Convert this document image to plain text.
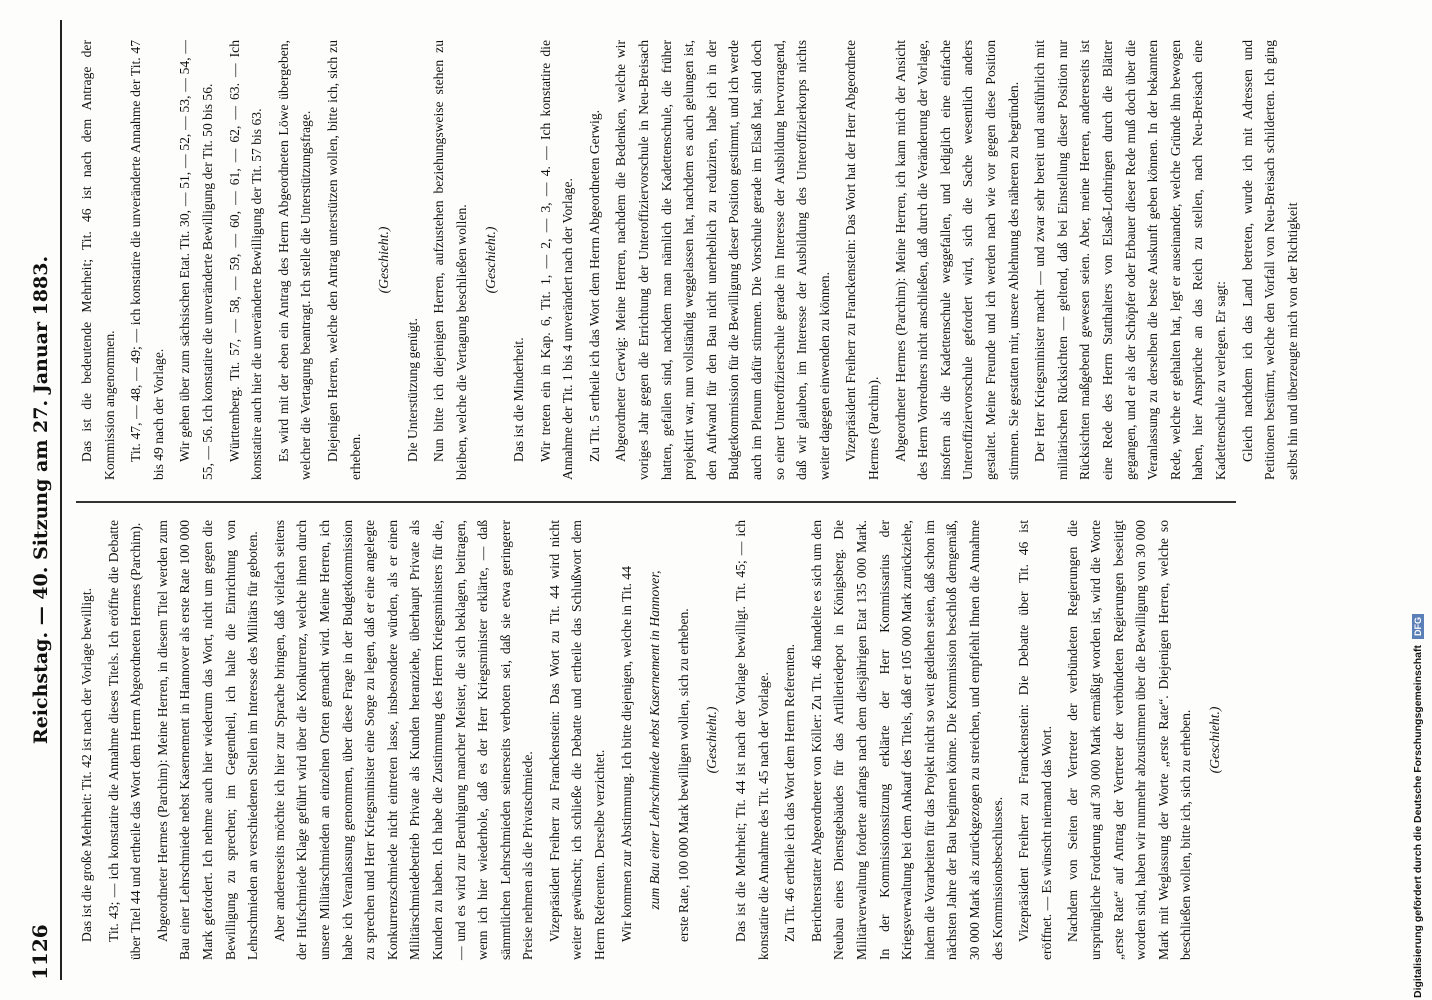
1126
Reichstag. — 40. Sitzung am 27. Januar 1883.

Das ist die große Mehrheit: Tit. 42 ist nach der Vorlage bewilligt. Tit. 43; — ich konstatire die Annahme dieses Titels. Ich eröffne die Debatte über Titel 44 und ertheile das Wort dem Herrn Abgeordneten Hermes (Parchim). Abgeordneter Hermes (Parchim): Meine Herren, in diesem Titel werden zum Bau einer Lehrschmiede nebst Kasernement in Hannover als erste Rate 100 000 Mark gefordert. Ich nehme auch hier wiederum das Wort, nicht um gegen die Bewilligung zu sprechen; im Gegentheil, ich halte die Einrichtung von Lehrschmieden an verschiedenen Stellen im Interesse des Militärs für geboten. Aber andererseits möchte ich hier zur Sprache bringen, daß vielfach seitens der Hufschmiede Klage geführt wird über die Konkurrenz, welche ihnen durch unsere Militärschmieden an einzelnen Orten gemacht wird. Meine Herren, ich habe ich Veranlassung genommen, über diese Frage in der Budgetkommission zu sprechen und Herr Kriegsminister eine Sorge zu legen, daß er eine angelegte Konkurrenzschmiede nicht eintreten lasse, insbesondere würden, als er einen Militärschmiedebetrieb Private als Kunden heranziehe, überhaupt Private als Kunden zu haben. Ich habe die Zustimmung des Herrn Kriegsministers für die, — und es wird zur Beruhigung mancher Meister, die sich beklagen, beitragen, wenn ich hier wiederhole, daß es der Herr Kriegsminister erklärte, — daß sämmtlichen Lehrschmieden seinerseits verboten sei, daß sie etwa geringerer Preise nehmen als die Privatschmiede. Vizepräsident Freiherr zu Franckenstein: Das Wort zu Tit. 44 wird nicht weiter gewünscht; ich schließe die Debatte und ertheile das Schlußwort dem Herrn Referenten. Derselbe verzichtet. Wir kommen zur Abstimmung. Ich bitte diejenigen, welche in Tit. 44 zum Bau einer Lehrschmiede nebst Kasernement in Hannover, erste Rate, 100 000 Mark bewilligen wollen, sich zu erheben. (Geschieht.) Das ist die Mehrheit; Tit. 44 ist nach der Vorlage bewilligt. Tit. 45; — ich konstatire die Annahme des Tit. 45 nach der Vorlage. Zu Tit. 46 ertheile ich das Wort dem Herrn Referenten. Berichterstatter Abgeordneter von Köller: Zu Tit. 46 handelte es sich um den Neubau eines Dienstgebäudes für das Artilleriedepot in Königsberg. Die Militärverwaltung forderte anfangs nach dem diesjährigen Etat 135 000 Mark. In der Kommissionssitzung erklärte der Herr Kommissarius der Kriegsverwaltung bei dem Ankauf des Titels, daß er 105 000 Mark zurückziehe, indem die Vorarbeiten für das Projekt nicht so weit gediehen seien, daß schon im nächsten Jahre der Bau beginnen könne. Die Kommission beschloß demgemäß, 30 000 Mark als zurückgezogen zu streichen, und empfiehlt Ihnen die Annahme des Kommissionsbeschlusses. Vizepräsident Freiherr zu Franckenstein: Die Debatte über Tit. 46 ist eröffnet. — Es wünscht niemand das Wort. Nachdem von Seiten der Vertreter der verbündeten Regierungen die ursprüngliche Forderung auf 30 000 Mark ermäßigt worden ist, wird die Worte „erste Rate“ auf Antrag der Vertreter der verbündeten Regierungen beseitigt worden sind, haben wir nunmehr abzustimmen über die Bewilligung von 30 000 Mark mit Weglassung der Worte „erste Rate“. Diejenigen Herren, welche so beschließen wollen, bitte ich, sich zu erheben. (Geschieht.)

Das ist die bedeutende Mehrheit; Tit. 46 ist nach dem Antrage der Kommission angenommen. Tit. 47, — 48, — 49; — ich konstatire die unveränderte Annahme der Tit. 47 bis 49 nach der Vorlage. Wir gehen über zum sächsischen Etat. Tit. 30, — 51, — 52, — 53, — 54, — 55, — 56. Ich konstatire die unveränderte Bewilligung der Tit. 50 bis 56. Württemberg. Tit. 57, — 58, — 59, — 60, — 61, — 62, — 63. — Ich konstatire auch hier die unveränderte Bewilligung der Tit. 57 bis 63. Es wird mit der eben ein Antrag des Herrn Abgeordneten Löwe übergeben, welcher die Vertagung beantragt. Ich stelle die Unterstützungsfrage. Diejenigen Herren, welche den Antrag unterstützen wollen, bitte ich, sich zu erheben.

(Geschieht.)

Die Unterstützung genügt. Nun bitte ich diejenigen Herren, aufzustehen beziehungsweise stehen zu bleiben, welche die Vertagung beschließen wollen. (Geschieht.)

Das ist die Minderheit. Wir treten ein in Kap. 6, Tit. 1, — 2, — 3, — 4. — Ich konstatire die Annahme der Tit. 1 bis 4 unverändert nach der Vorlage. Zu Tit. 5 ertheile ich das Wort dem Herrn Abgeordneten Gerwig. Abgeordneter Gerwig: Meine Herren, nachdem die Bedenken, welche wir voriges Jahr gegen die Errichtung der Unteroffiziervorschule in Neu-Breisach hatten, gefallen sind, nachdem man nämlich die Kadettenschule, die früher projektirt war, nun vollständig weggelassen hat, nachdem es auch gelungen ist, den Aufwand für den Bau nicht unerheblich zu reduziren, habe ich in der Budgetkommission für die Bewilligung dieser Position gestimmt, und ich werde auch im Plenum dafür stimmen. Die Vorschule gerade im Elsaß hat, sind doch so einer Unteroffizierschule gerade im Interesse der Ausbildung hervorragend, daß wir glauben, im Interesse der Ausbildung des Unteroffizierkorps nichts weiter dagegen einwenden zu können. Vizepräsident Freiherr zu Franckenstein: Das Wort hat der Herr Abgeordnete Hermes (Parchim). Abgeordneter Hermes (Parchim): Meine Herren, ich kann mich der Ansicht des Herrn Vorredners nicht anschließen, daß durch die Veränderung der Vorlage, insofern als die Kadettenschule weggefallen, und lediglich eine einfache Unteroffiziervorschule gefordert wird, sich die Sache wesentlich anders gestaltet. Meine Freunde und ich werden nach wie vor gegen diese Position stimmen. Sie gestatten mir, unsere Ablehnung des näheren zu begründen. Der Herr Kriegsminister macht — und zwar sehr bereit und ausführlich mit militärischen Rücksichten — geltend, daß bei Einstellung dieser Position nur Rücksichten maßgebend gewesen seien. Aber, meine Herren, andererseits ist eine Rede des Herrn Statthalters von Elsaß-Lothringen durch die Blätter gegangen, und er als der Schöpfer oder Erbauer dieser Rede muß doch über die Veranlassung zu derselben die beste Auskunft geben können. In der bekannten Rede, welche er gehalten hat, legt er auseinander, welche Gründe ihn bewogen haben, hier Ansprüche an das Reich zu stellen, nach Neu-Breisach eine Kadettenschule zu verlegen. Er sagt: Gleich nachdem ich das Land betreten, wurde ich mit Adressen und Petitionen bestürmt, welche den Vorfall von Neu-Breisach schilderten. Ich ging selbst hin und überzeugte mich von der Richtigkeit

Digitalisierung gefördert durch die Deutsche ForschungsgemeinschaftDFG
